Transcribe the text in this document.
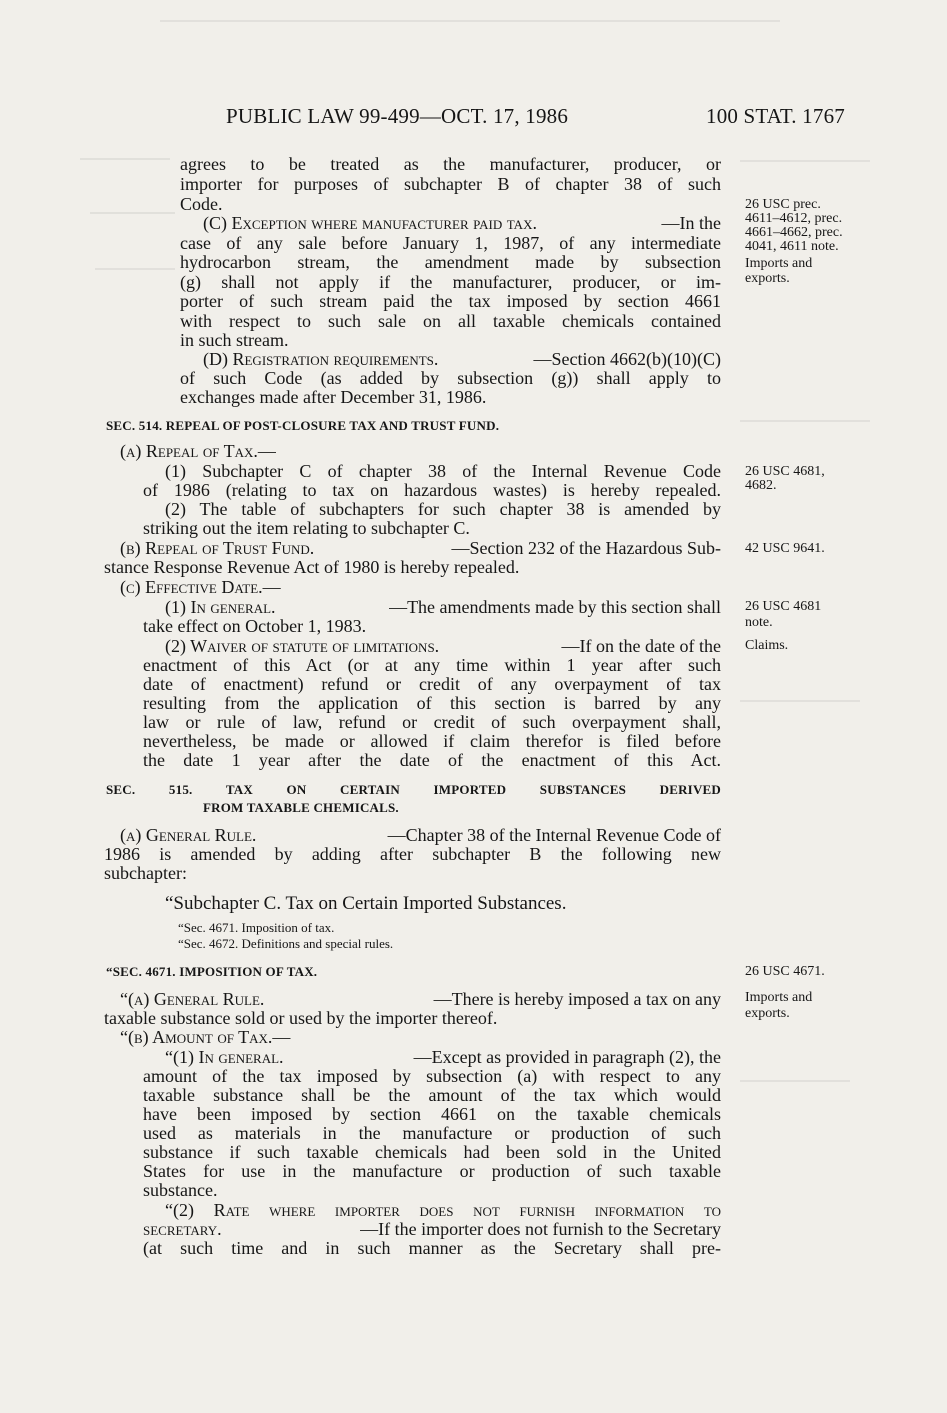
PUBLIC LAW 99-499—OCT. 17, 1986	100 STAT. 1767
agrees to be treated as the manufacturer, producer, or
importer for purposes of subchapter B of chapter 38 of such
Code.
(C) Exception where manufacturer paid tax.	—In the
case of any sale before January 1, 1987, of any intermediate
hydrocarbon stream, the amendment made by subsection
(g) shall not apply if the manufacturer, producer, or im-
porter of such stream paid the tax imposed by section 4661
with respect to such sale on all taxable chemicals contained
in such stream.
(D) Registration requirements.	—Section 4662(b)(10)(C)
of such Code (as added by subsection (g)) shall apply to
exchanges made after December 31, 1986.
SEC. 514. REPEAL OF POST-CLOSURE TAX AND TRUST FUND.
(a) Repeal of Tax.—
(1) Subchapter C of chapter 38 of the Internal Revenue Code
of 1986 (relating to tax on hazardous wastes) is hereby repealed.
(2) The table of subchapters for such chapter 38 is amended by
striking out the item relating to subchapter C.
(b) Repeal of Trust Fund.	—Section 232 of the Hazardous Sub-
stance Response Revenue Act of 1980 is hereby repealed.
(c) Effective Date.—
(1) In general.	—The amendments made by this section shall
take effect on October 1, 1983.
(2) Waiver of statute of limitations.	—If on the date of the
enactment of this Act (or at any time within 1 year after such
date of enactment) refund or credit of any overpayment of tax
resulting from the application of this section is barred by any
law or rule of law, refund or credit of such overpayment shall,
nevertheless, be made or allowed if claim therefor is filed before
the date 1 year after the date of the enactment of this Act.
SEC. 515. TAX ON CERTAIN IMPORTED SUBSTANCES DERIVED
FROM TAXABLE CHEMICALS.
(a) General Rule.	—Chapter 38 of the Internal Revenue Code of
1986 is amended by adding after subchapter B the following new
subchapter:
“Subchapter C. Tax on Certain Imported Substances.
“Sec. 4671. Imposition of tax.
“Sec. 4672. Definitions and special rules.
“SEC. 4671. IMPOSITION OF TAX.
“(a) General Rule.	—There is hereby imposed a tax on any
taxable substance sold or used by the importer thereof.
“(b) Amount of Tax.—
“(1) In general.	—Except as provided in paragraph (2), the
amount of the tax imposed by subsection (a) with respect to any
taxable substance shall be the amount of the tax which would
have been imposed by section 4661 on the taxable chemicals
used as materials in the manufacture or production of such
substance if such taxable chemicals had been sold in the United
States for use in the manufacture or production of such taxable
substance.
“(2) Rate where importer does not furnish information to
secretary.	—If the importer does not furnish to the Secretary
(at such time and in such manner as the Secretary shall pre-
26 USC prec.
4611–4612, prec.
4661–4662, prec.
4041, 4611 note.
Imports and
exports.
26 USC 4681,
4682.
42 USC 9641.
26 USC 4681
note.
Claims.
26 USC 4671.
Imports and
exports.
